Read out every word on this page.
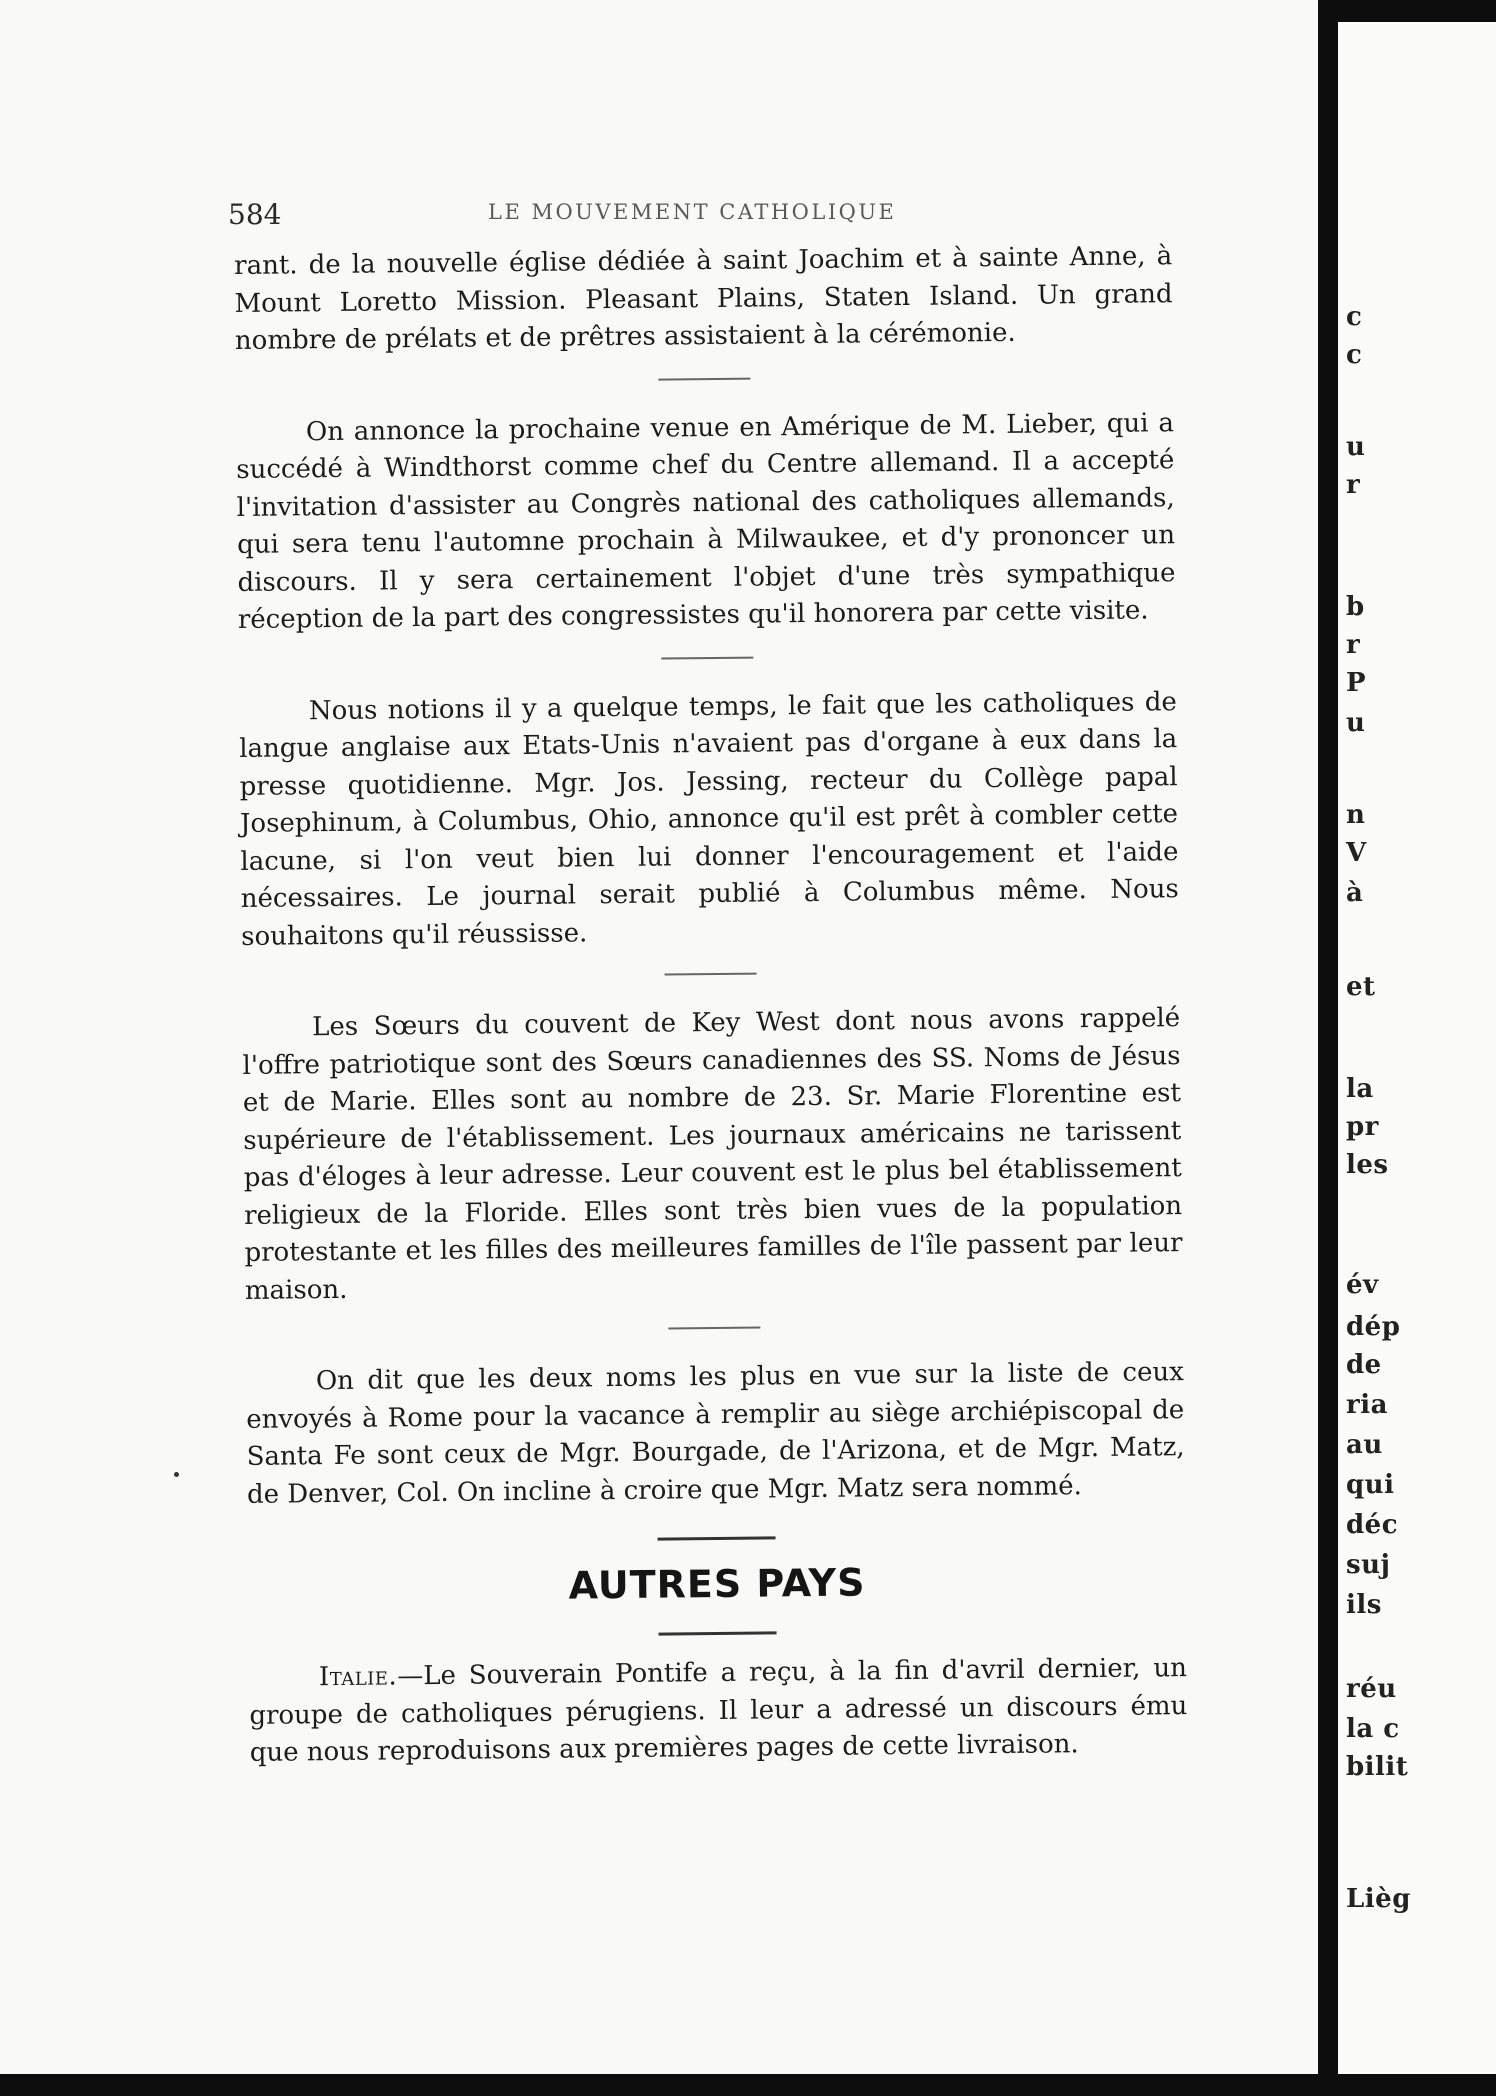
584	LE MOUVEMENT CATHOLIQUE

rant. de la nouvelle église dédiée à saint Joachim et à sainte Anne, à Mount Loretto Mission. Pleasant Plains, Staten Island. Un grand nombre de prélats et de prêtres assistaient à la cérémonie.

On annonce la prochaine venue en Amérique de M. Lieber, qui a succédé à Windthorst comme chef du Centre allemand. Il a accepté l'invitation d'assister au Congrès national des catholiques allemands, qui sera tenu l'automne prochain à Milwaukee, et d'y prononcer un discours. Il y sera certainement l'objet d'une très sympathique réception de la part des congressistes qu'il honorera par cette visite.

Nous notions il y a quelque temps, le fait que les catholiques de langue anglaise aux Etats-Unis n'avaient pas d'organe à eux dans la presse quotidienne. Mgr. Jos. Jessing, recteur du Collège papal Josephinum, à Columbus, Ohio, annonce qu'il est prêt à combler cette lacune, si l'on veut bien lui donner l'encouragement et l'aide nécessaires. Le journal serait publié à Columbus même. Nous souhaitons qu'il réussisse.

Les Sœurs du couvent de Key West dont nous avons rappelé l'offre patriotique sont des Sœurs canadiennes des SS. Noms de Jésus et de Marie. Elles sont au nombre de 23. Sr. Marie Florentine est supérieure de l'établissement. Les journaux américains ne tarissent pas d'éloges à leur adresse. Leur couvent est le plus bel établissement religieux de la Floride. Elles sont très bien vues de la population protestante et les filles des meilleures familles de l'île passent par leur maison.

On dit que les deux noms les plus en vue sur la liste de ceux envoyés à Rome pour la vacance à remplir au siège archiépiscopal de Santa Fe sont ceux de Mgr. Bourgade, de l'Arizona, et de Mgr. Matz, de Denver, Col. On incline à croire que Mgr. Matz sera nommé.

AUTRES PAYS

Italie.—Le Souverain Pontife a reçu, à la fin d'avril dernier, un groupe de catholiques pérugiens. Il leur a adressé un discours ému que nous reproduisons aux premières pages de cette livraison.

c
c
u
r
b
r
P
u
n
V
à
et
la
pr
les
év
dép
de
ria
au
qui
déc
suj
ils
réu
la c
bilit
Lièg
